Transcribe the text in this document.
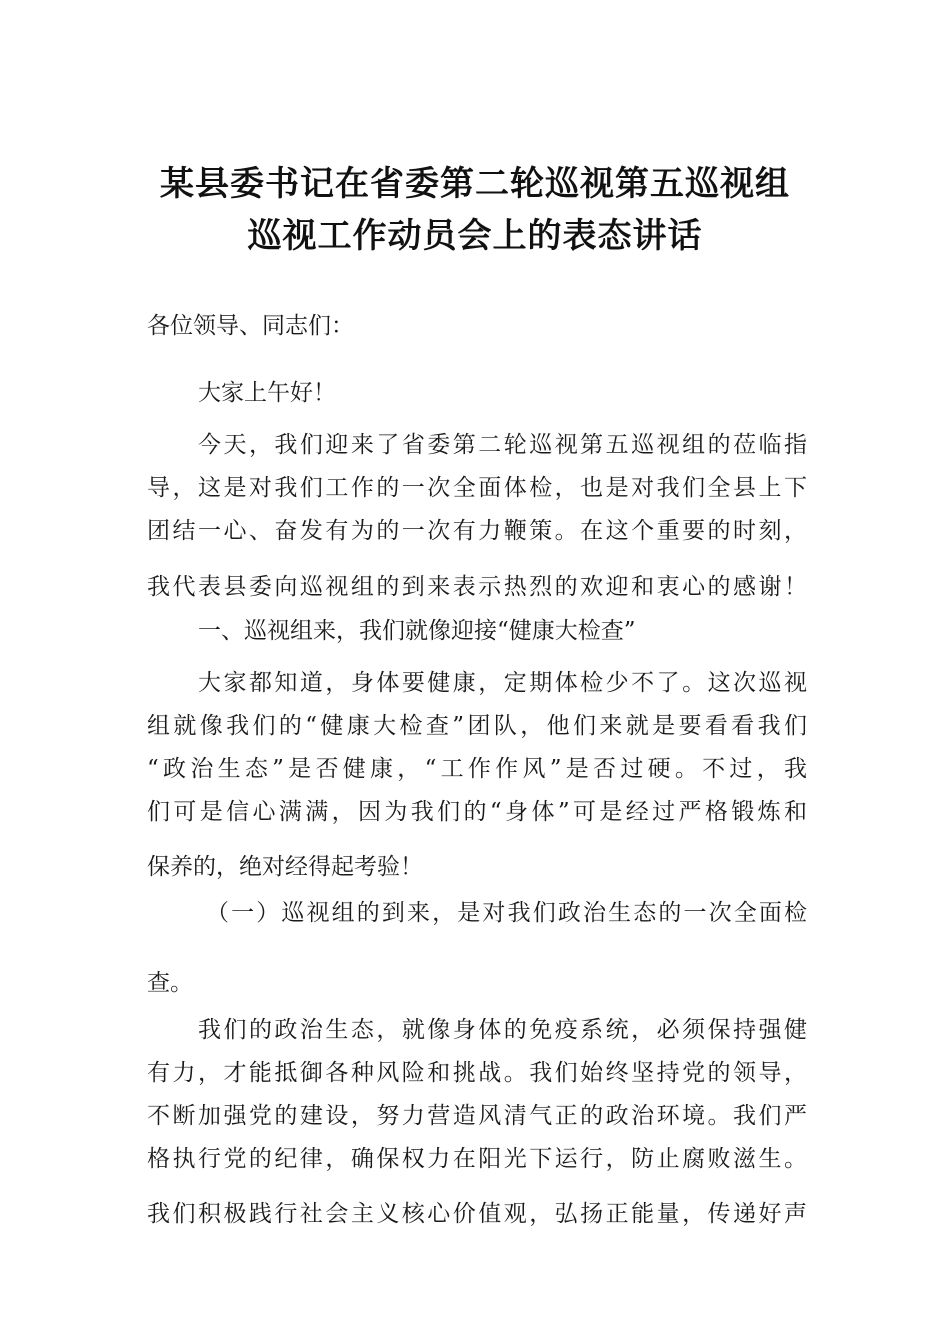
某县委书记在省委第二轮巡视第五巡视组
巡视工作动员会上的表态讲话
各位领导、同志们：
大家上午好！
今天，我们迎来了省委第二轮巡视第五巡视组的莅临指
导，这是对我们工作的一次全面体检，也是对我们全县上下
团结一心、奋发有为的一次有力鞭策。在这个重要的时刻，
我代表县委向巡视组的到来表示热烈的欢迎和衷心的感谢！
一、巡视组来，我们就像迎接“健康大检查”
大家都知道，身体要健康，定期体检少不了。这次巡视
组就像我们的“健康大检查”团队，他们来就是要看看我们
“政治生态”是否健康，“工作作风”是否过硬。不过，我
们可是信心满满，因为我们的“身体”可是经过严格锻炼和
保养的，绝对经得起考验！
（一）巡视组的到来，是对我们政治生态的一次全面检
查。
我们的政治生态，就像身体的免疫系统，必须保持强健
有力，才能抵御各种风险和挑战。我们始终坚持党的领导，
不断加强党的建设，努力营造风清气正的政治环境。我们严
格执行党的纪律，确保权力在阳光下运行，防止腐败滋生。
我们积极践行社会主义核心价值观，弘扬正能量，传递好声
